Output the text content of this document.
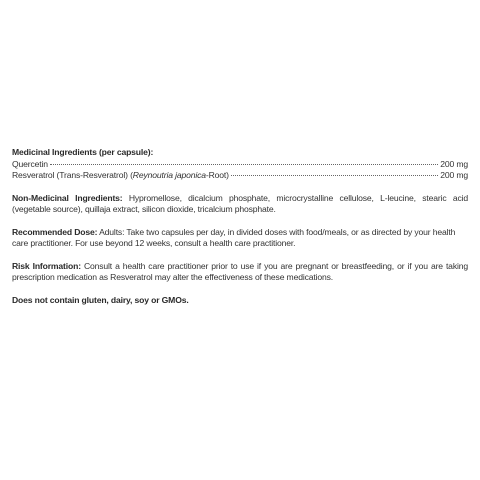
Medicinal Ingredients (per capsule):
Quercetin	200 mg
Resveratrol (Trans-Resveratrol) (Reynoutria japonica-Root)	200 mg
Non-Medicinal Ingredients: Hypromellose, dicalcium phosphate, microcrystalline cellulose, L-leucine, stearic acid (vegetable source), quillaja extract, silicon dioxide, tricalcium phosphate.
Recommended Dose: Adults: Take two capsules per day, in divided doses with food/meals, or as directed by your health care practitioner. For use beyond 12 weeks, consult a health care practitioner.
Risk Information: Consult a health care practitioner prior to use if you are pregnant or breastfeeding, or if you are taking prescription medication as Resveratrol may alter the effectiveness of these medications.
Does not contain gluten, dairy, soy or GMOs.
